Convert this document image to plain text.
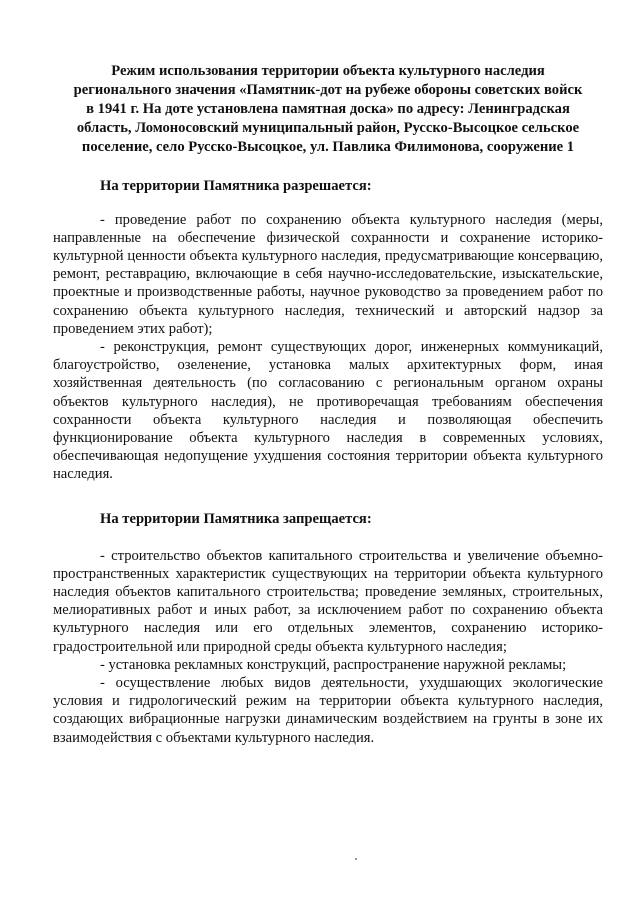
Режим использования территории объекта культурного наследия
регионального значения «Памятник-дот на рубеже обороны советских войск
в 1941 г. На доте установлена памятная доска» по адресу: Ленинградская
область, Ломоносовский муниципальный район, Русско-Высоцкое сельское
поселение, село Русско-Высоцкое, ул. Павлика Филимонова, сооружение 1
На территории Памятника разрешается:

- проведение работ по сохранению объекта культурного наследия (меры, направленные на обеспечение физической сохранности и сохранение историко-культурной ценности объекта культурного наследия, предусматривающие консервацию, ремонт, реставрацию, включающие в себя научно-исследовательские, изыскательские, проектные и производственные работы, научное руководство за проведением работ по сохранению объекта культурного наследия, технический и авторский надзор за проведением этих работ);

- реконструкция, ремонт существующих дорог, инженерных коммуникаций, благоустройство, озеленение, установка малых архитектурных форм, иная хозяйственная деятельность (по согласованию с региональным органом охраны объектов культурного наследия), не противоречащая требованиям обеспечения сохранности объекта культурного наследия и позволяющая обеспечить функционирование объекта культурного наследия в современных условиях, обеспечивающая недопущение ухудшения состояния территории объекта культурного наследия.

На территории Памятника запрещается:

- строительство объектов капитального строительства и увеличение объемно-пространственных характеристик существующих на территории объекта культурного наследия объектов капитального строительства; проведение земляных, строительных, мелиоративных работ и иных работ, за исключением работ по сохранению объекта культурного наследия или его отдельных элементов, сохранению историко-градостроительной или природной среды объекта культурного наследия;

- установка рекламных конструкций, распространение наружной рекламы;

- осуществление любых видов деятельности, ухудшающих экологические условия и гидрологический режим на территории объекта культурного наследия, создающих вибрационные нагрузки динамическим воздействием на грунты в зоне их взаимодействия с объектами культурного наследия.
